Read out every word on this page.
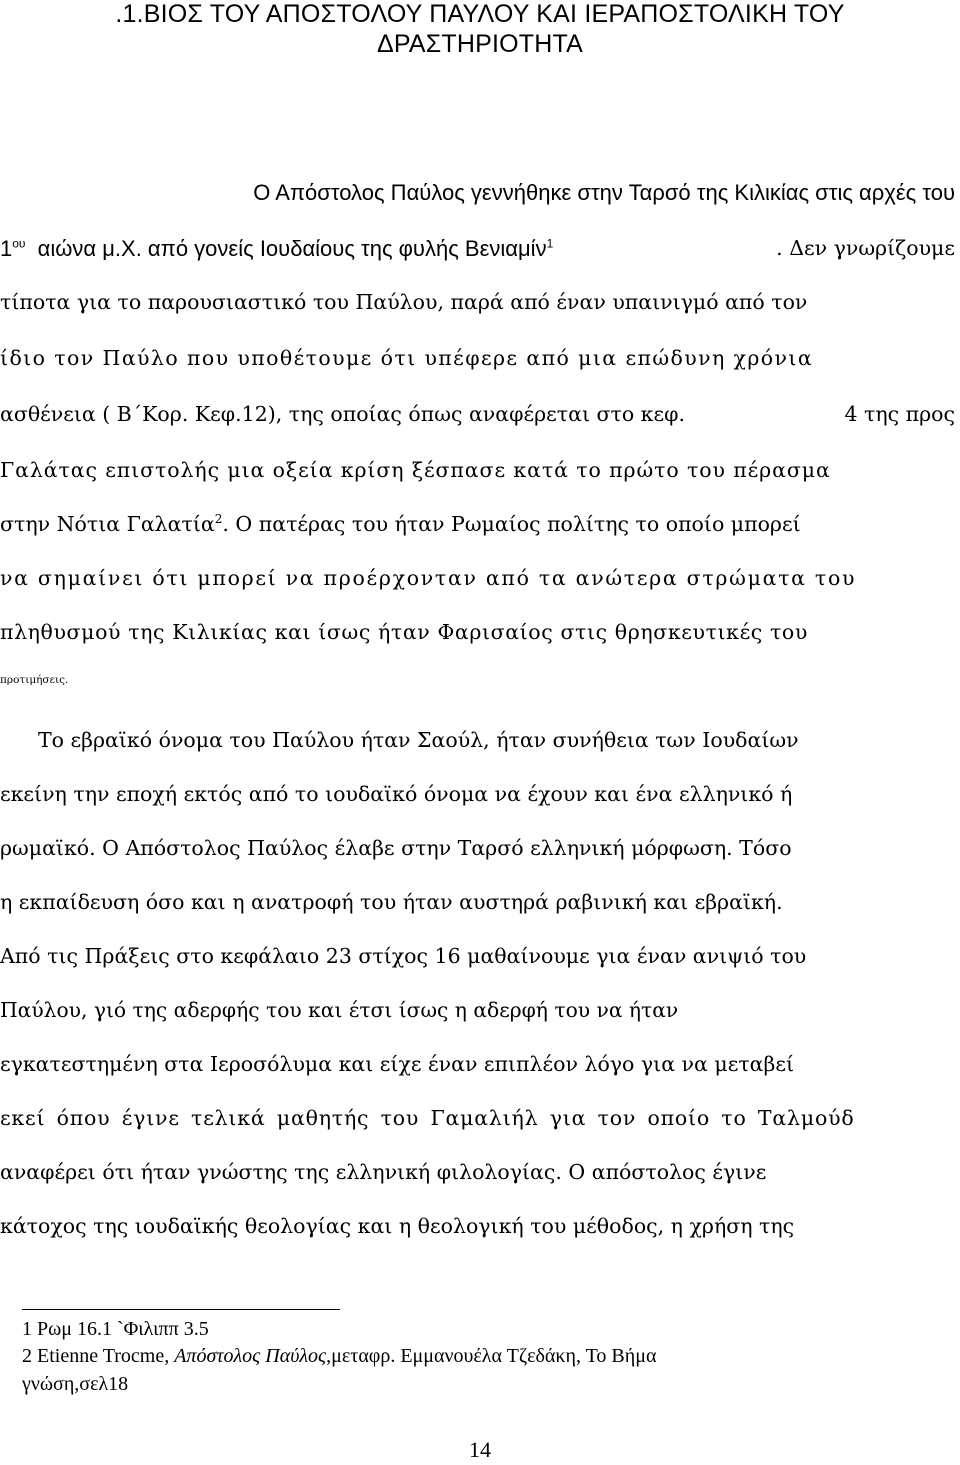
.1.ΒΙΟΣ ΤΟΥ ΑΠΟΣΤΟΛΟΥ ΠΑΥΛΟΥ ΚΑΙ ΙΕΡΑΠΟΣΤΟΛΙΚΗ ΤΟΥ
ΔΡΑΣΤΗΡΙΟΤΗΤΑ
Ο Απόστολος Παύλος γεννήθηκε στην Ταρσό της Κιλικίας στις αρχές του
$1^{o\upsilon}$ αιώνα μ.Χ. από γονείς Ιουδαίους της φυλής Βενιαμίν$^1$	. Δεν γνωρίζουμε
τίποτα για το παρουσιαστικό του Παύλου, παρά από έναν υπαινιγμό από τον
ίδιο τον Παύλο που υποθέτουμε ότι υπέφερε από μια επώδυνη χρόνια
ασθένεια ( Β΄Κορ. Κεφ.12), της οποίας όπως αναφέρεται στο κεφ.	4 της προς
Γαλάτας επιστολής μια οξεία κρίση ξέσπασε κατά το πρώτο του πέρασμα
στην Νότια Γαλατία$^2$. Ο πατέρας του ήταν Ρωμαίος πολίτης το οποίο μπορεί
να σημαίνει ότι μπορεί να προέρχονταν από τα ανώτερα στρώματα του
πληθυσμού της Κιλικίας και ίσως ήταν Φαρισαίος στις θρησκευτικές του
προτιμήσεις.
Το εβραϊκό όνομα του Παύλου ήταν Σαούλ, ήταν συνήθεια των Ιουδαίων
εκείνη την εποχή εκτός από το ιουδαϊκό όνομα να έχουν και ένα ελληνικό ή
ρωμαϊκό. Ο Απόστολος Παύλος έλαβε στην Ταρσό ελληνική μόρφωση. Τόσο
η εκπαίδευση όσο και η ανατροφή του ήταν αυστηρά ραβινική και εβραϊκή.
Από τις Πράξεις στο κεφάλαιο 23 στίχος 16 μαθαίνουμε για έναν ανιψιό του
Παύλου, γιό της αδερφής του και έτσι ίσως η αδερφή του να ήταν
εγκατεστημένη στα Ιεροσόλυμα και είχε έναν επιπλέον λόγο για να μεταβεί
εκεί όπου έγινε τελικά μαθητής του Γαμαλιήλ για τον οποίο το Ταλμούδ
αναφέρει ότι ήταν γνώστης της ελληνική φιλολογίας. Ο απόστολος έγινε
κάτοχος της ιουδαϊκής θεολογίας και η θεολογική του μέθοδος, η χρήση της
1 Ρωμ 16.1 `Φιλιππ 3.5
2 Etienne Trocme, Απόστολος Παύλος,μεταφρ. Εμμανουέλα Τζεδάκη, Το Βήμα
γνώση,σελ18
14
